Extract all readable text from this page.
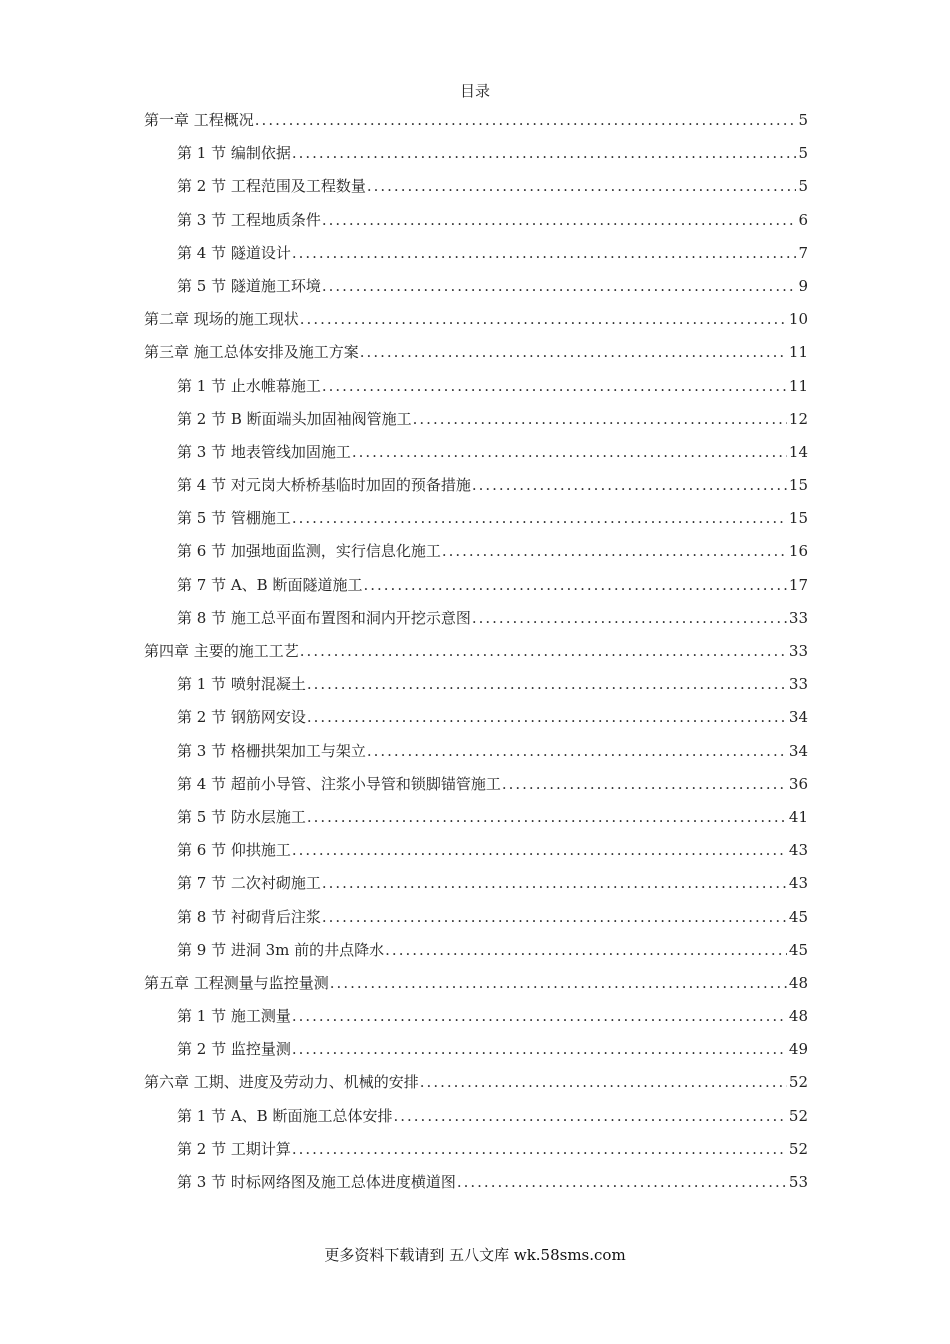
目录
第一章 工程概况 .....	5
第 1 节 编制依据 .....	5
第 2 节 工程范围及工程数量 .....	5
第 3 节 工程地质条件 .....	6
第 4 节 隧道设计 .....	7
第 5 节 隧道施工环境 .....	9
第二章 现场的施工现状 .....	10
第三章 施工总体安排及施工方案 .....	11
第 1 节 止水帷幕施工 .....	11
第 2 节 B 断面端头加固袖阀管施工 .....	12
第 3 节 地表管线加固施工 .....	14
第 4 节 对元岗大桥桥基临时加固的预备措施 .....	15
第 5 节 管棚施工 .....	15
第 6 节 加强地面监测，实行信息化施工 .....	16
第 7 节 A、B 断面隧道施工 .....	17
第 8 节 施工总平面布置图和洞内开挖示意图 .....	33
第四章 主要的施工工艺 .....	33
第 1 节 喷射混凝土 .....	33
第 2 节 钢筋网安设 .....	34
第 3 节 格栅拱架加工与架立 .....	34
第 4 节 超前小导管、注浆小导管和锁脚锚管施工 .....	36
第 5 节 防水层施工 .....	41
第 6 节 仰拱施工 .....	43
第 7 节 二次衬砌施工 .....	43
第 8 节 衬砌背后注浆 .....	45
第 9 节 进洞 3m 前的井点降水 .....	45
第五章 工程测量与监控量测 .....	48
第 1 节 施工测量 .....	48
第 2 节 监控量测 .....	49
第六章 工期、进度及劳动力、机械的安排 .....	52
第 1 节 A、B 断面施工总体安排 .....	52
第 2 节 工期计算 .....	52
第 3 节 时标网络图及施工总体进度横道图 .....	53
更多资料下载请到 五八文库 wk.58sms.com
